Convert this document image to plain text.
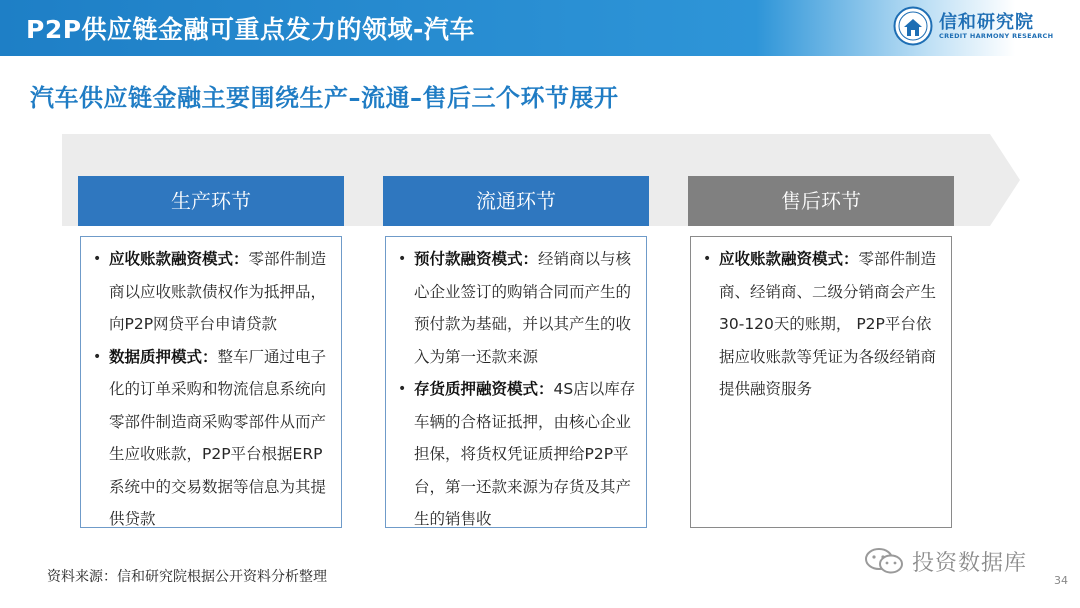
P2P供应链金融可重点发力的领域-汽车	信和研究院
CREDIT HARMONY RESEARCH
汽车供应链金融主要围绕生产–流通–售后三个环节展开
生产环节
• 应收账款融资模式：零部件制造商以应收账款债权作为抵押品，向P2P网贷平台申请贷款
• 数据质押模式：整车厂通过电子化的订单采购和物流信息系统向零部件制造商采购零部件从而产生应收账款，P2P平台根据ERP系统中的交易数据等信息为其提供贷款
流通环节
• 预付款融资模式：经销商以与核心企业签订的购销合同而产生的预付款为基础，并以其产生的收入为第一还款来源
• 存货质押融资模式：4S店以库存车辆的合格证抵押，由核心企业担保，将货权凭证质押给P2P平台，第一还款来源为存货及其产生的销售收
售后环节
• 应收账款融资模式：零部件制造商、经销商、二级分销商会产生30-120天的账期， P2P平台依据应收账款等凭证为各级经销商提供融资服务
资料来源：信和研究院根据公开资料分析整理
投资数据库
34
